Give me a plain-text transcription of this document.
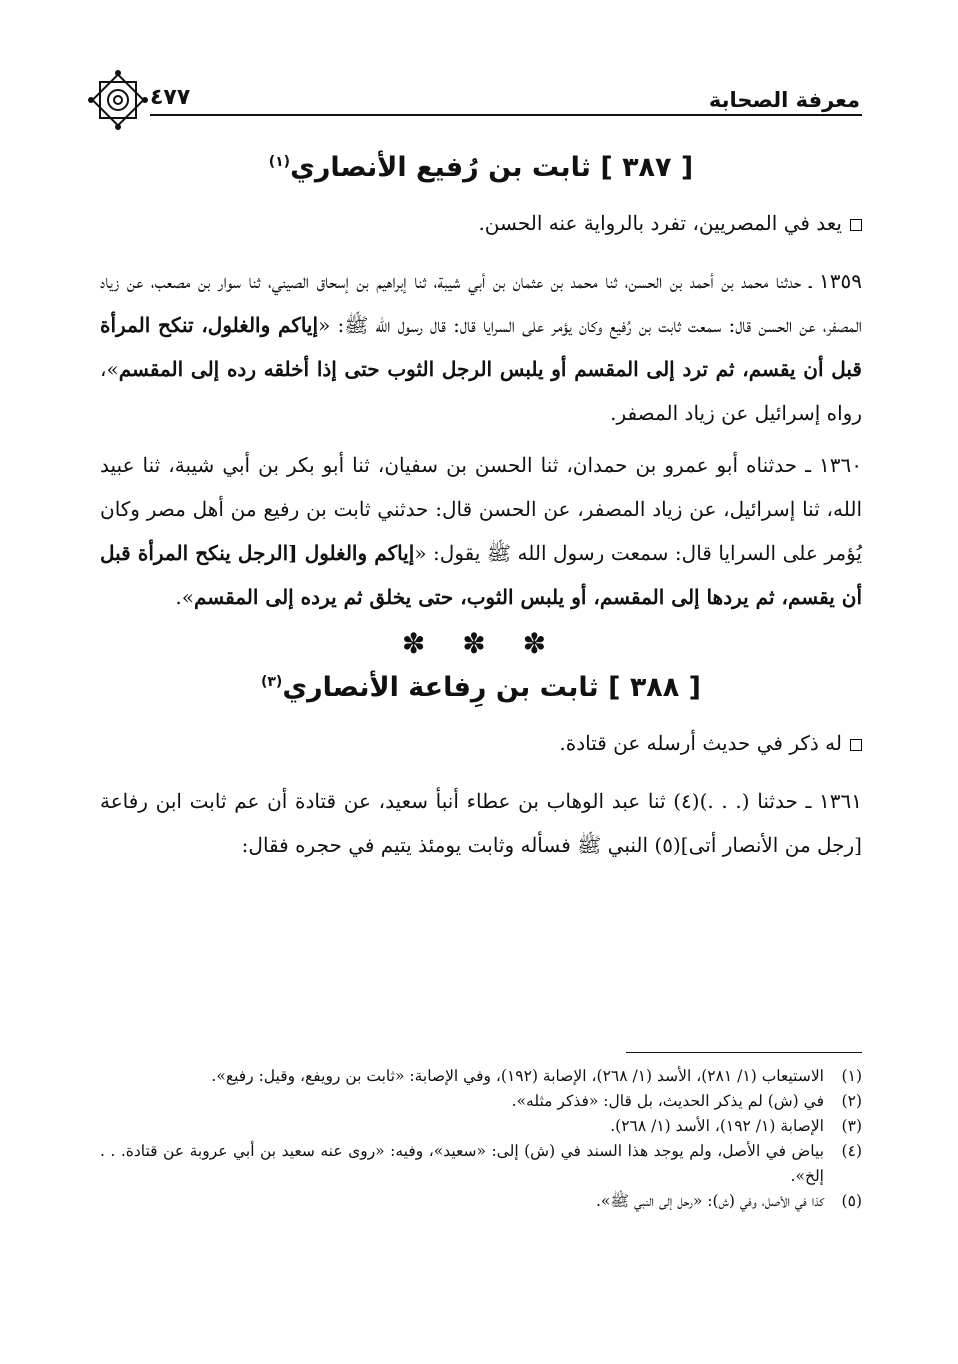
معرفة الصحابة
٤٧٧
[ ٣٨٧ ] ثابت بن رُفيع الأنصاري$^{(١)}$

يعد في المصريين، تفرد بالرواية عنه الحسن.

١٣٥٩ ـ حدثنا محمد بن أحمد بن الحسن، ثنا محمد بن عثمان بن أبي شيبة، ثنا إبراهيم بن إسحاق الصيني، ثنا سوار بن مصعب، عن زياد المصفر، عن الحسن قال: سمعت ثابت بن رُفيع وكان يؤمر على السرايا قال: قال رسول الله ﷺ: «إياكم والغلول، تنكح المرأة قبل أن يقسم، ثم ترد إلى المقسم أو يلبس الرجل الثوب حتى إذا أخلقه رده إلى المقسم»، رواه إسرائيل عن زياد المصفر.

١٣٦٠ ـ حدثناه أبو عمرو بن حمدان، ثنا الحسن بن سفيان، ثنا أبو بكر بن أبي شيبة، ثنا عبيد الله، ثنا إسرائيل، عن زياد المصفر، عن الحسن قال: حدثني ثابت بن رفيع من أهل مصر وكان يُؤمر على السرايا قال: سمعت رسول الله ﷺ يقول: «إياكم والغلول [الرجل ينكح المرأة قبل أن يقسم، ثم يردها إلى المقسم، أو يلبس الثوب، حتى يخلق ثم يرده إلى المقسم».

✽ ✽ ✽
[ ٣٨٨ ] ثابت بن رِفاعة الأنصاري$^{(٣)}$

له ذكر في حديث أرسله عن قتادة.

١٣٦١ ـ حدثنا (. . .)(٤) ثنا عبد الوهاب بن عطاء أنبأ سعيد، عن قتادة أن عم ثابت ابن رفاعة [رجل من الأنصار أتى](٥) النبي ﷺ فسأله وثابت يومئذ يتيم في حجره فقال:

(١)
الاستيعاب (١/ ٢٨١)، الأسد (١/ ٢٦٨)، الإصابة (١٩٢)، وفي الإصابة: «ثابت بن رويفع، وقيل: رفيع».
(٢)
في (ش) لم يذكر الحديث، بل قال: «فذكر مثله».
(٣)
الإصابة (١/ ١٩٢)، الأسد (١/ ٢٦٨).
(٤)
بياض في الأصل، ولم يوجد هذا السند في (ش) إلى: «سعيد»، وفيه: «روى عنه سعيد بن أبي عروبة عن قتادة. . . إلخ».
(٥)
كذا في الأصل، وفي (ش): «رحل إلى النبي ﷺ».
